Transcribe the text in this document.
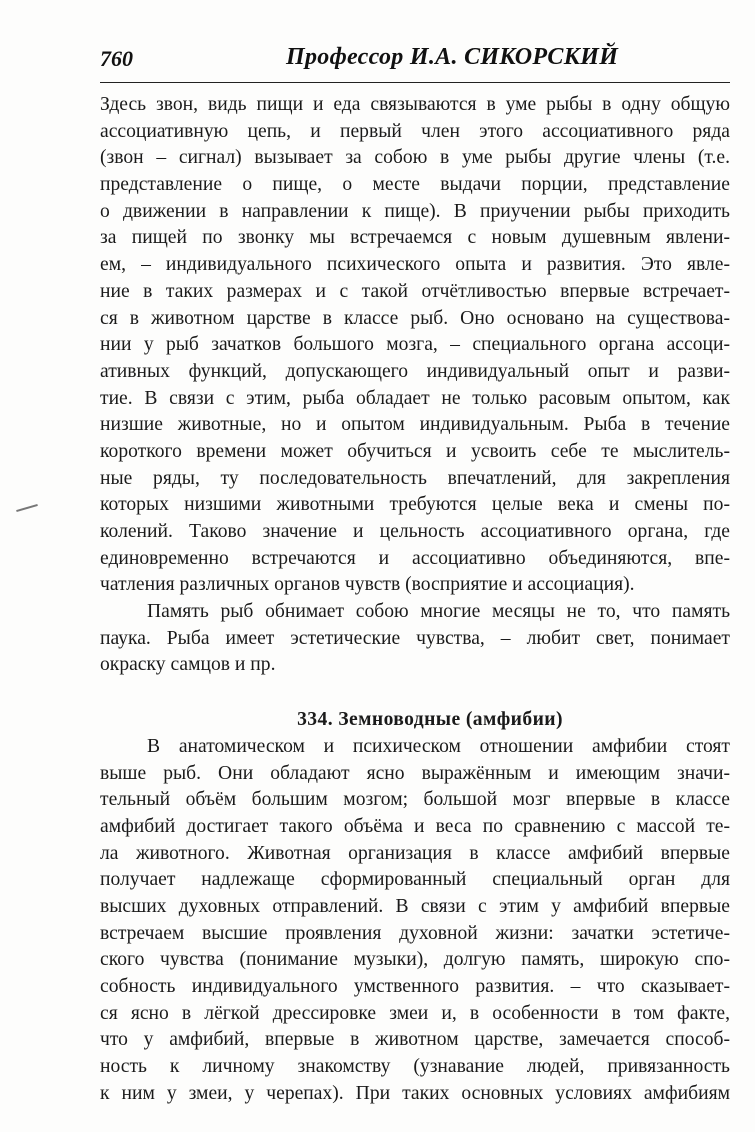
760	Профессор И.А. СИКОРСКИЙ
Здесь звон, видь пищи и еда связываются в уме рыбы в одну общую
ассоциативную цепь, и первый член этого ассоциативного ряда
(звон – сигнал) вызывает за собою в уме рыбы другие члены (т.е.
представление о пище, о месте выдачи порции, представление
о движении в направлении к пище). В приучении рыбы приходить
за пищей по звонку мы встречаемся с новым душевным явлени-
ем, – индивидуального психического опыта и развития. Это явле-
ние в таких размерах и с такой отчётливостью впервые встречает-
ся в животном царстве в классе рыб. Оно основано на существова-
нии у рыб зачатков большого мозга, – специального органа ассоци-
ативных функций, допускающего индивидуальный опыт и разви-
тие. В связи с этим, рыба обладает не только расовым опытом, как
низшие животные, но и опытом индивидуальным. Рыба в течение
короткого времени может обучиться и усвоить себе те мыслитель-
ные ряды, ту последовательность впечатлений, для закрепления
которых низшими животными требуются целые века и смены по-
колений. Таково значение и цельность ассоциативного органа, где
единовременно встречаются и ассоциативно объединяются, впе-
чатления различных органов чувств (восприятие и ассоциация).
Память рыб обнимает собою многие месяцы не то, что память
паука. Рыба имеет эстетические чувства, – любит свет, понимает
окраску самцов и пр.
334. Земноводные (амфибии)
В анатомическом и психическом отношении амфибии стоят
выше рыб. Они обладают ясно выражённым и имеющим значи-
тельный объём большим мозгом; большой мозг впервые в классе
амфибий достигает такого объёма и веса по сравнению с массой те-
ла животного. Животная организация в классе амфибий впервые
получает надлежаще сформированный специальный орган для
высших духовных отправлений. В связи с этим у амфибий впервые
встречаем высшие проявления духовной жизни: зачатки эстетиче-
ского чувства (понимание музыки), долгую память, широкую спо-
собность индивидуального умственного развития. – что сказывает-
ся ясно в лёгкой дрессировке змеи и, в особенности в том факте,
что у амфибий, впервые в животном царстве, замечается способ-
ность к личному знакомству (узнавание людей, привязанность
к ним у змеи, у черепах). При таких основных условиях амфибиям
